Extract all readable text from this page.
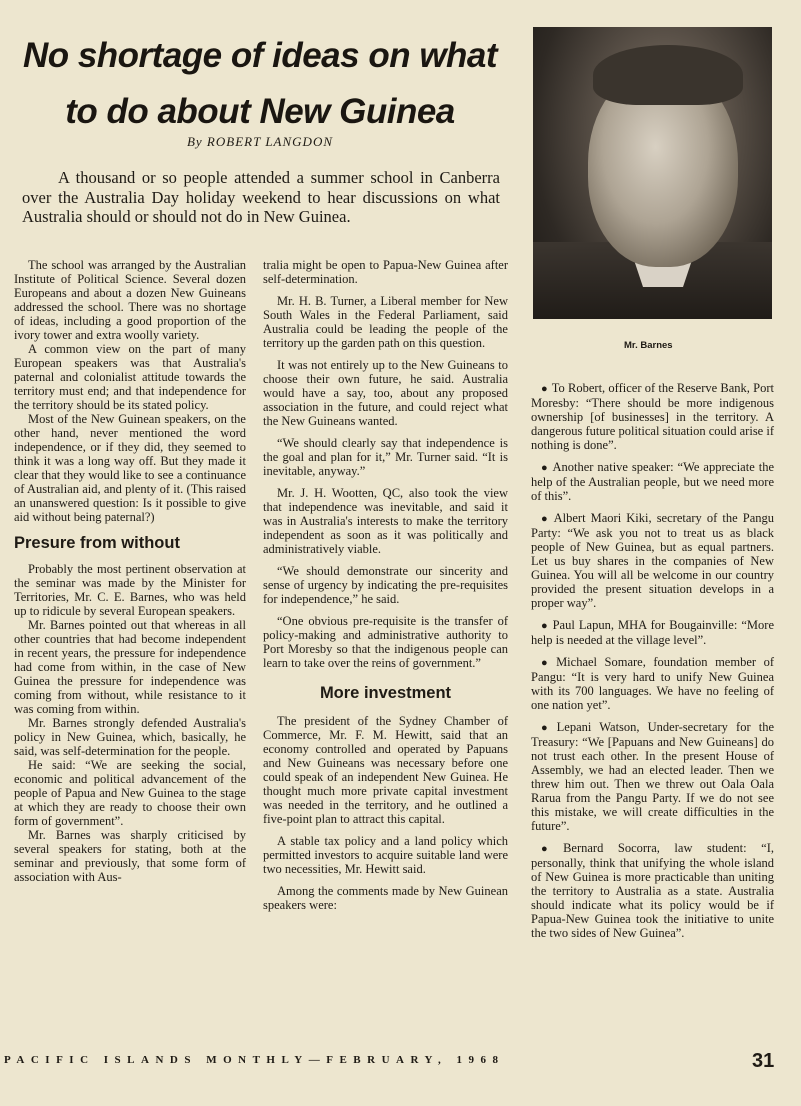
No shortage of ideas on what
to do about New Guinea
By ROBERT LANGDON
A thousand or so people attended a summer school in Canberra over the Australia Day holiday weekend to hear discussions on what Australia should or should not do in New Guinea.
Mr. Barnes

The school was arranged by the Australian Institute of Political Science. Several dozen Europeans and about a dozen New Guineans addressed the school. There was no shortage of ideas, including a good proportion of the ivory tower and extra woolly variety.

A common view on the part of many European speakers was that Australia's paternal and colonialist attitude towards the territory must end; and that independence for the territory should be its stated policy.

Most of the New Guinean speakers, on the other hand, never mentioned the word independence, or if they did, they seemed to think it was a long way off. But they made it clear that they would like to see a continuance of Australian aid, and plenty of it. (This raised an unanswered question: Is it possible to give aid without being paternal?)

Presure from without

Probably the most pertinent observation at the seminar was made by the Minister for Territories, Mr. C. E. Barnes, who was held up to ridicule by several European speakers.

Mr. Barnes pointed out that whereas in all other countries that had become independent in recent years, the pressure for independence had come from within, in the case of New Guinea the pressure for independence was coming from without, while resistance to it was coming from within.

Mr. Barnes strongly defended Australia's policy in New Guinea, which, basically, he said, was self-determination for the people.

He said: “We are seeking the social, economic and political advancement of the people of Papua and New Guinea to the stage at which they are ready to choose their own form of government”.

Mr. Barnes was sharply criticised by several speakers for stating, both at the seminar and previously, that some form of association with Aus-

tralia might be open to Papua-New Guinea after self-determination.

Mr. H. B. Turner, a Liberal member for New South Wales in the Federal Parliament, said Australia could be leading the people of the territory up the garden path on this question.

It was not entirely up to the New Guineans to choose their own future, he said. Australia would have a say, too, about any proposed association in the future, and could reject what the New Guineans wanted.

“We should clearly say that independence is the goal and plan for it,” Mr. Turner said. “It is inevitable, anyway.”

Mr. J. H. Wootten, QC, also took the view that independence was inevitable, and said it was in Australia's interests to make the territory independent as soon as it was politically and administratively viable.

“We should demonstrate our sincerity and sense of urgency by indicating the pre-requisites for independence,” he said.

“One obvious pre-requisite is the transfer of policy-making and administrative authority to Port Moresby so that the indigenous people can learn to take over the reins of government.”

More investment

The president of the Sydney Chamber of Commerce, Mr. F. M. Hewitt, said that an economy controlled and operated by Papuans and New Guineans was necessary before one could speak of an independent New Guinea. He thought much more private capital investment was needed in the territory, and he outlined a five-point plan to attract this capital.

A stable tax policy and a land policy which permitted investors to acquire suitable land were two necessities, Mr. Hewitt said.

Among the comments made by New Guinean speakers were:

● To Robert, officer of the Reserve Bank, Port Moresby: “There should be more indigenous ownership [of businesses] in the territory. A dangerous future political situation could arise if nothing is done”.

● Another native speaker: “We appreciate the help of the Australian people, but we need more of this”.

● Albert Maori Kiki, secretary of the Pangu Party: “We ask you not to treat us as black people of New Guinea, but as equal partners. Let us buy shares in the companies of New Guinea. You will all be welcome in our country provided the present situation develops in a proper way”.

● Paul Lapun, MHA for Bougainville: “More help is needed at the village level”.

● Michael Somare, foundation member of Pangu: “It is very hard to unify New Guinea with its 700 languages. We have no feeling of one nation yet”.

● Lepani Watson, Under-secretary for the Treasury: “We [Papuans and New Guineans] do not trust each other. In the present House of Assembly, we had an elected leader. Then we threw him out. Then we threw out Oala Oala Rarua from the Pangu Party. If we do not see this mistake, we will create difficulties in the future”.

● Bernard Socorra, law student: “I, personally, think that unifying the whole island of New Guinea is more practicable than uniting the territory to Australia as a state. Australia should indicate what its policy would be if Papua-New Guinea took the initiative to unite the two sides of New Guinea”.

PACIFIC ISLANDS MONTHLY—FEBRUARY, 1968	31
